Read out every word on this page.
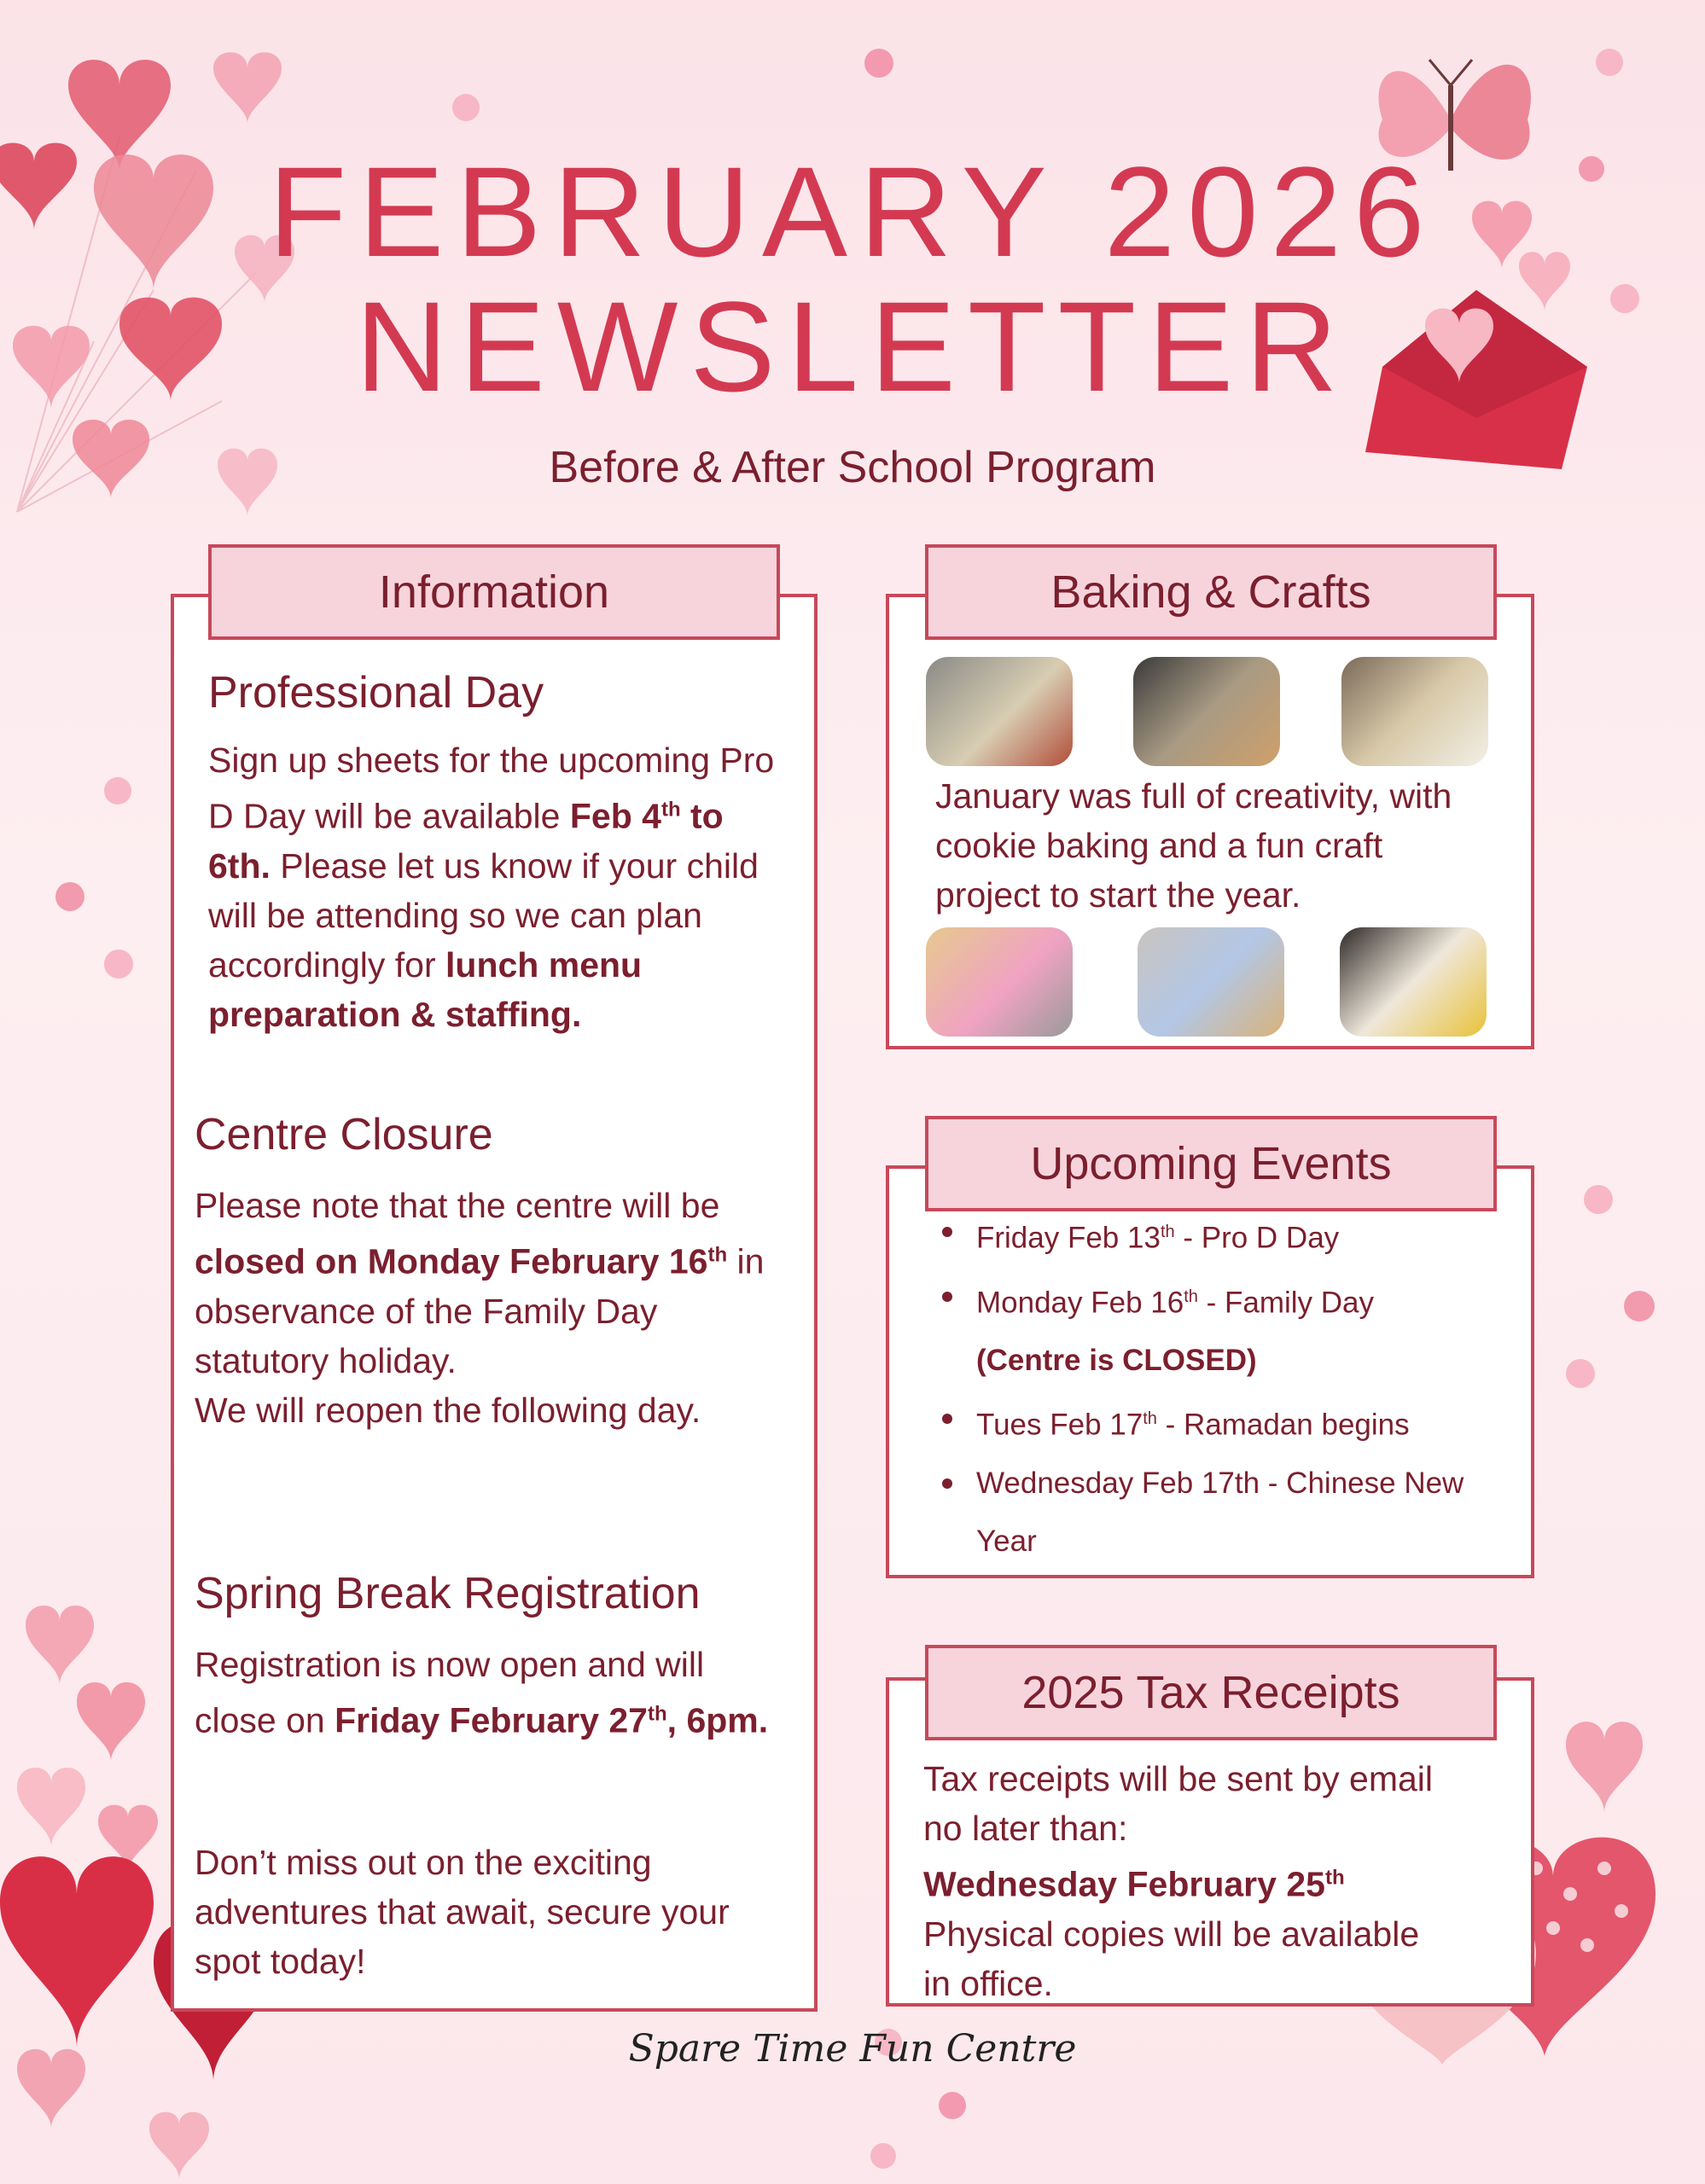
FEBRUARY 2026
NEWSLETTER
Before & After School Program
Information
Professional Day
Sign up sheets for the upcoming Pro D Day will be available Feb 4th to 6th. Please let us know if your child will be attending so we can plan accordingly for lunch menu preparation & staffing.
Centre Closure
Please note that the centre will be closed on Monday February 16th in observance of the Family Day statutory holiday.
We will reopen the following day.
Spring Break Registration
Registration is now open and will close on Friday February 27th, 6pm.
Don’t miss out on the exciting adventures that await, secure your spot today!
Baking & Crafts
January was full of creativity, with cookie baking and a fun craft project to start the year.
Upcoming Events
Friday Feb 13th - Pro D Day
Monday Feb 16th - Family Day
(Centre is CLOSED)
Tues Feb 17th - Ramadan begins
Wednesday Feb 17th - Chinese New Year
2025 Tax Receipts
Tax receipts will be sent by email no later than:
Wednesday February 25th
Physical copies will be available in office.
Spare Time Fun Centre
